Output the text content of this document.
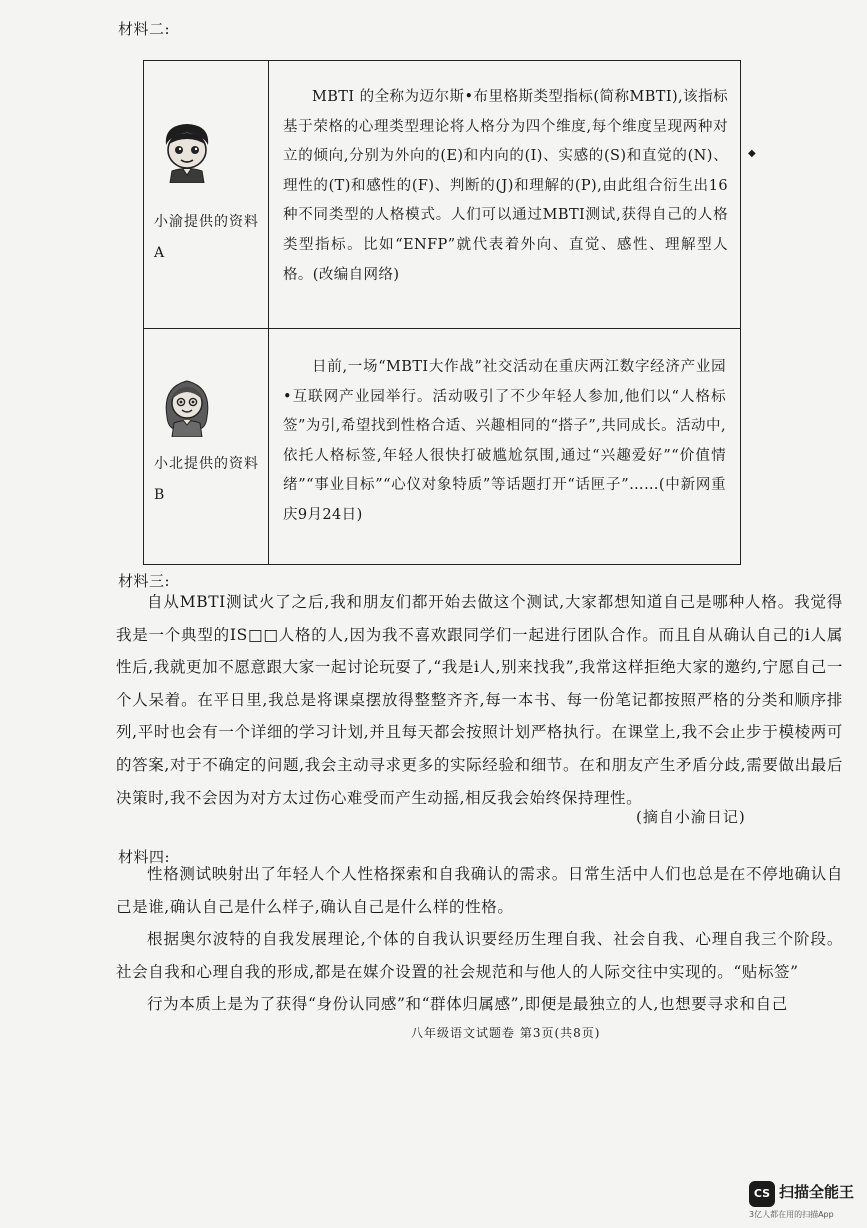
材料二:
小渝提供的资料A	MBTI 的全称为迈尔斯•布里格斯类型指标(简称MBTI),该指标基于荣格的心理类型理论将人格分为四个维度,每个维度呈现两种对立的倾向,分别为外向的(E)和内向的(I)、实感的(S)和直觉的(N)、理性的(T)和感性的(F)、判断的(J)和理解的(P),由此组合衍生出16种不同类型的人格模式。人们可以通过MBTI测试,获得自己的人格类型指标。比如“ENFP”就代表着外向、直觉、感性、理解型人格。(改编自网络)

小北提供的资料B	日前,一场“MBTI大作战”社交活动在重庆两江数字经济产业园•互联网产业园举行。活动吸引了不少年轻人参加,他们以“人格标签”为引,希望找到性格合适、兴趣相同的“搭子”,共同成长。活动中,依托人格标签,年轻人很快打破尴尬氛围,通过“兴趣爱好”“价值情绪”“事业目标”“心仪对象特质”等话题打开“话匣子”……(中新网重庆9月24日)

◆
材料三:

自从MBTI测试火了之后,我和朋友们都开始去做这个测试,大家都想知道自己是哪种人格。我觉得我是一个典型的IS□□人格的人,因为我不喜欢跟同学们一起进行团队合作。而且自从确认自己的i人属性后,我就更加不愿意跟大家一起讨论玩耍了,“我是i人,别来找我”,我常这样拒绝大家的邀约,宁愿自己一个人呆着。在平日里,我总是将课桌摆放得整整齐齐,每一本书、每一份笔记都按照严格的分类和顺序排列,平时也会有一个详细的学习计划,并且每天都会按照计划严格执行。在课堂上,我不会止步于模棱两可的答案,对于不确定的问题,我会主动寻求更多的实际经验和细节。在和朋友产生矛盾分歧,需要做出最后决策时,我不会因为对方太过伤心难受而产生动摇,相反我会始终保持理性。

(摘自小渝日记)
材料四:

性格测试映射出了年轻人个人性格探索和自我确认的需求。日常生活中人们也总是在不停地确认自己是谁,确认自己是什么样子,确认自己是什么样的性格。

根据奥尔波特的自我发展理论,个体的自我认识要经历生理自我、社会自我、心理自我三个阶段。社会自我和心理自我的形成,都是在媒介设置的社会规范和与他人的人际交往中实现的。“贴标签”

行为本质上是为了获得“身份认同感”和“群体归属感”,即便是最独立的人,也想要寻求和自己

八年级语文试题卷 第3页(共8页)
CS 扫描全能王
3亿人都在用的扫描App
